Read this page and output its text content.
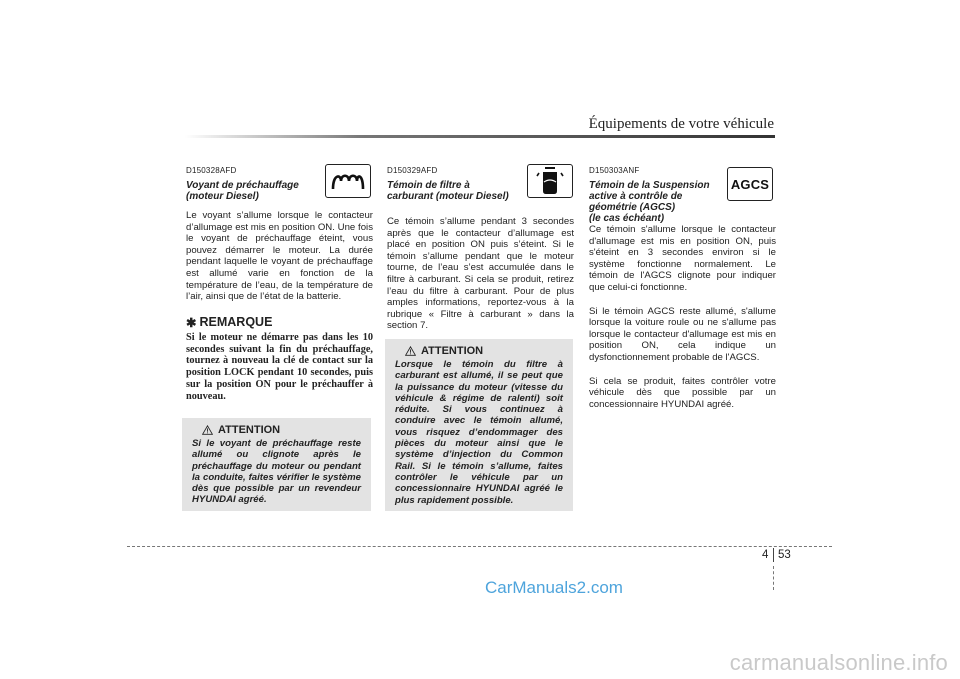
Équipements de votre véhicule
D150328AFD
Voyant de préchauffage
(moteur Diesel)
Le voyant s’allume lorsque le contacteur d’allumage est mis en position ON. Une fois le voyant de préchauffage éteint, vous pouvez démarrer le moteur. La durée pendant laquelle le voyant de préchauffage est allumé varie en fonction de la température de l’eau, de la température de l’air, ainsi que de l’état de la batterie.
✱ REMARQUE
Si le moteur ne démarre pas dans les 10 secondes suivant la fin du préchauffage, tournez à nouveau la clé de contact sur la position LOCK pendant 10 secondes, puis sur la position ON pour le préchauffer à nouveau.
ATTENTION
Si le voyant de préchauffage reste allumé ou clignote après le préchauffage du moteur ou pendant la conduite, faites vérifier le système dès que possible par un revendeur HYUNDAI agréé.
D150329AFD
Témoin de filtre à
carburant (moteur Diesel)
Ce témoin s’allume pendant 3 secondes après que le contacteur d’allumage est placé en position ON puis s’éteint. Si le témoin s’allume pendant que le moteur tourne, de l’eau s’est accumulée dans le filtre à carburant. Si cela se produit, retirez l’eau du filtre à carburant. Pour de plus amples informations, reportez-vous à la rubrique « Filtre à carburant » dans la section 7.
ATTENTION
Lorsque le témoin du filtre à carburant est allumé, il se peut que la puissance du moteur (vitesse du véhicule & régime de ralenti) soit réduite. Si vous continuez à conduire avec le témoin allumé, vous risquez d’endommager des pièces du moteur ainsi que le système d’injection du Common Rail. Si le témoin s’allume, faites contrôler le véhicule par un concessionnaire HYUNDAI agréé le plus rapidement possible.
D150303ANF
Témoin de la Suspension
active à contrôle de
géométrie (AGCS)
(le cas échéant)
Ce témoin s'allume lorsque le contacteur d'allumage est mis en position ON, puis s'éteint en 3 secondes environ si le système fonctionne normalement. Le témoin de l'AGCS clignote pour indiquer que celui-ci fonctionne.
Si le témoin AGCS reste allumé, s'allume lorsque la voiture roule ou ne s'allume pas lorsque le contacteur d'allumage est mis en position ON, cela indique un dysfonctionnement probable de l'AGCS.
Si cela se produit, faites contrôler votre véhicule dès que possible par un concessionnaire HYUNDAI agréé.
AGCS
4 53
CarManuals2.com
carmanualsonline.info
